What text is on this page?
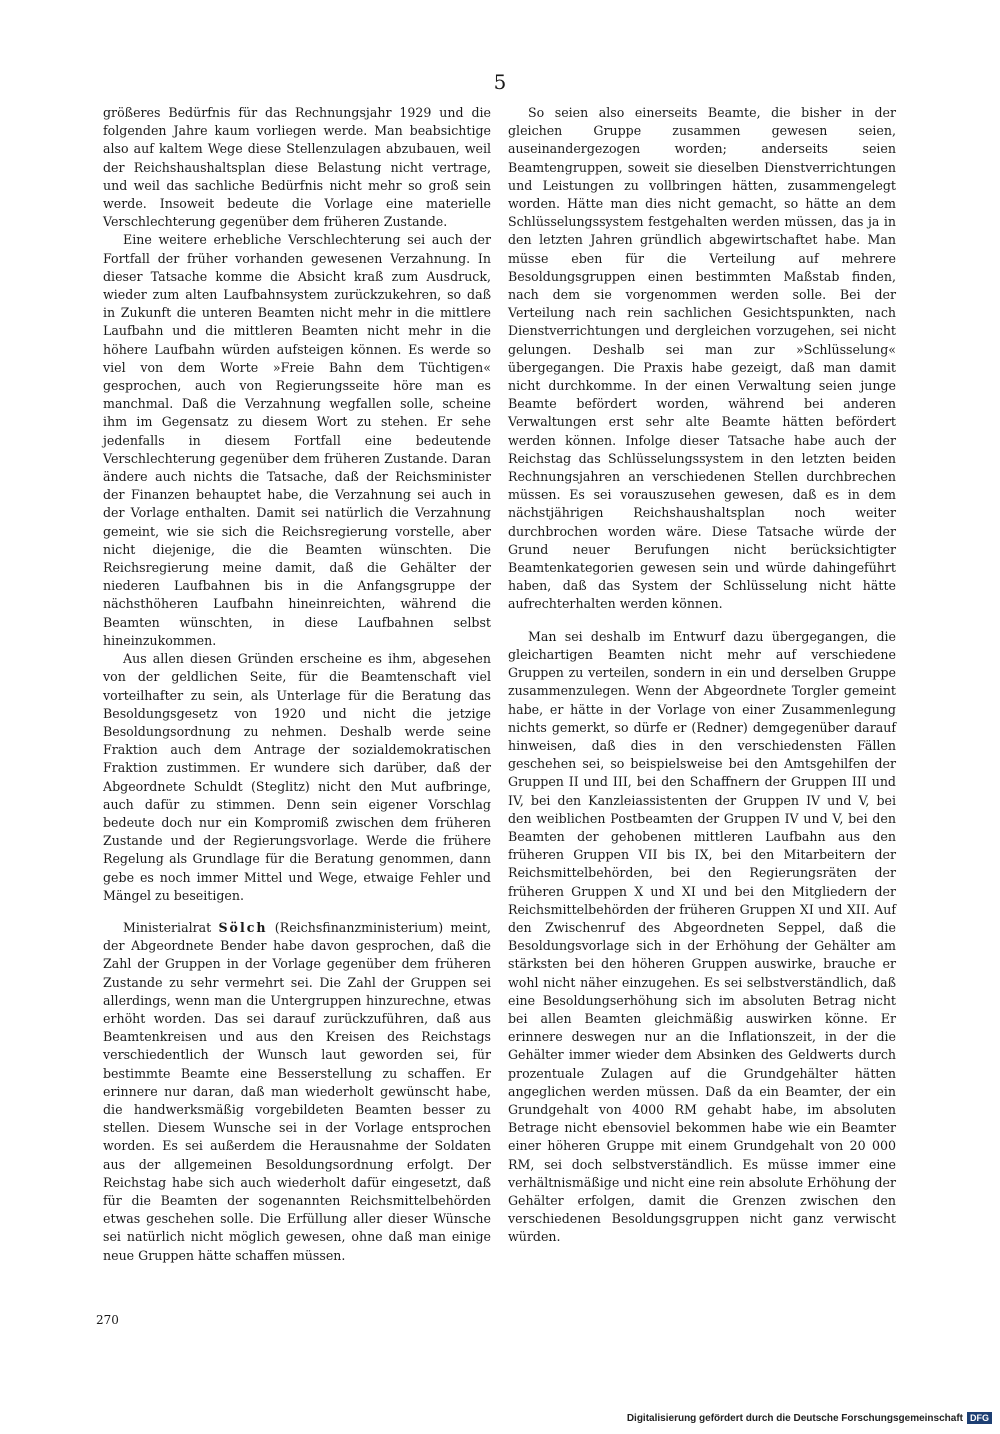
5

größeres Bedürfnis für das Rechnungsjahr 1929 und die folgenden Jahre kaum vorliegen werde. Man beabsichtige also auf kaltem Wege diese Stellenzulagen abzubauen, weil der Reichshaushaltsplan diese Belastung nicht vertrage, und weil das sachliche Bedürfnis nicht mehr so groß sein werde. Insoweit bedeute die Vorlage eine materielle Verschlechterung gegenüber dem früheren Zustande.

Eine weitere erhebliche Verschlechterung sei auch der Fortfall der früher vorhanden gewesenen Verzahnung. In dieser Tatsache komme die Absicht kraß zum Ausdruck, wieder zum alten Laufbahnsystem zurückzukehren, so daß in Zukunft die unteren Beamten nicht mehr in die mittlere Laufbahn und die mittleren Beamten nicht mehr in die höhere Laufbahn würden aufsteigen können. Es werde so viel von dem Worte »Freie Bahn dem Tüchtigen« gesprochen, auch von Regierungsseite höre man es manchmal. Daß die Verzahnung wegfallen solle, scheine ihm im Gegensatz zu diesem Wort zu stehen. Er sehe jedenfalls in diesem Fortfall eine bedeutende Verschlechterung gegenüber dem früheren Zustande. Daran ändere auch nichts die Tatsache, daß der Reichsminister der Finanzen behauptet habe, die Verzahnung sei auch in der Vorlage enthalten. Damit sei natürlich die Verzahnung gemeint, wie sie sich die Reichsregierung vorstelle, aber nicht diejenige, die die Beamten wünschten. Die Reichsregierung meine damit, daß die Gehälter der niederen Laufbahnen bis in die Anfangsgruppe der nächsthöheren Laufbahn hineinreichten, während die Beamten wünschten, in diese Laufbahnen selbst hineinzukommen.

Aus allen diesen Gründen erscheine es ihm, abgesehen von der geldlichen Seite, für die Beamtenschaft viel vorteilhafter zu sein, als Unterlage für die Beratung das Besoldungsgesetz von 1920 und nicht die jetzige Besoldungsordnung zu nehmen. Deshalb werde seine Fraktion auch dem Antrage der sozialdemokratischen Fraktion zustimmen. Er wundere sich darüber, daß der Abgeordnete Schuldt (Steglitz) nicht den Mut aufbringe, auch dafür zu stimmen. Denn sein eigener Vorschlag bedeute doch nur ein Kompromiß zwischen dem früheren Zustande und der Regierungsvorlage. Werde die frühere Regelung als Grundlage für die Beratung genommen, dann gebe es noch immer Mittel und Wege, etwaige Fehler und Mängel zu beseitigen.

Ministerialrat Sölch (Reichsfinanzministerium) meint, der Abgeordnete Bender habe davon gesprochen, daß die Zahl der Gruppen in der Vorlage gegenüber dem früheren Zustande zu sehr vermehrt sei. Die Zahl der Gruppen sei allerdings, wenn man die Untergruppen hinzurechne, etwas erhöht worden. Das sei darauf zurückzuführen, daß aus Beamtenkreisen und aus den Kreisen des Reichstags verschiedentlich der Wunsch laut geworden sei, für bestimmte Beamte eine Besserstellung zu schaffen. Er erinnere nur daran, daß man wiederholt gewünscht habe, die handwerksmäßig vorgebildeten Beamten besser zu stellen. Diesem Wunsche sei in der Vorlage entsprochen worden. Es sei außerdem die Herausnahme der Soldaten aus der allgemeinen Besoldungsordnung erfolgt. Der Reichstag habe sich auch wiederholt dafür eingesetzt, daß für die Beamten der sogenannten Reichsmittelbehörden etwas geschehen solle. Die Erfüllung aller dieser Wünsche sei natürlich nicht möglich gewesen, ohne daß man einige neue Gruppen hätte schaffen müssen.

So seien also einerseits Beamte, die bisher in der gleichen Gruppe zusammen gewesen seien, auseinandergezogen worden; anderseits seien Beamtengruppen, soweit sie dieselben Dienstverrichtungen und Leistungen zu vollbringen hätten, zusammengelegt worden. Hätte man dies nicht gemacht, so hätte an dem Schlüsselungssystem festgehalten werden müssen, das ja in den letzten Jahren gründlich abgewirtschaftet habe. Man müsse eben für die Verteilung auf mehrere Besoldungsgruppen einen bestimmten Maßstab finden, nach dem sie vorgenommen werden solle. Bei der Verteilung nach rein sachlichen Gesichtspunkten, nach Dienstverrichtungen und dergleichen vorzugehen, sei nicht gelungen. Deshalb sei man zur »Schlüsselung« übergegangen. Die Praxis habe gezeigt, daß man damit nicht durchkomme. In der einen Verwaltung seien junge Beamte befördert worden, während bei anderen Verwaltungen erst sehr alte Beamte hätten befördert werden können. Infolge dieser Tatsache habe auch der Reichstag das Schlüsselungssystem in den letzten beiden Rechnungsjahren an verschiedenen Stellen durchbrechen müssen. Es sei vorauszusehen gewesen, daß es in dem nächstjährigen Reichshaushaltsplan noch weiter durchbrochen worden wäre. Diese Tatsache würde der Grund neuer Berufungen nicht berücksichtigter Beamtenkategorien gewesen sein und würde dahingeführt haben, daß das System der Schlüsselung nicht hätte aufrechterhalten werden können.

Man sei deshalb im Entwurf dazu übergegangen, die gleichartigen Beamten nicht mehr auf verschiedene Gruppen zu verteilen, sondern in ein und derselben Gruppe zusammenzulegen. Wenn der Abgeordnete Torgler gemeint habe, er hätte in der Vorlage von einer Zusammenlegung nichts gemerkt, so dürfe er (Redner) demgegenüber darauf hinweisen, daß dies in den verschiedensten Fällen geschehen sei, so beispielsweise bei den Amtsgehilfen der Gruppen II und III, bei den Schaffnern der Gruppen III und IV, bei den Kanzleiassistenten der Gruppen IV und V, bei den weiblichen Postbeamten der Gruppen IV und V, bei den Beamten der gehobenen mittleren Laufbahn aus den früheren Gruppen VII bis IX, bei den Mitarbeitern der Reichsmittelbehörden, bei den Regierungsräten der früheren Gruppen X und XI und bei den Mitgliedern der Reichsmittelbehörden der früheren Gruppen XI und XII. Auf den Zwischenruf des Abgeordneten Seppel, daß die Besoldungsvorlage sich in der Erhöhung der Gehälter am stärksten bei den höheren Gruppen auswirke, brauche er wohl nicht näher einzugehen. Es sei selbstverständlich, daß eine Besoldungserhöhung sich im absoluten Betrag nicht bei allen Beamten gleichmäßig auswirken könne. Er erinnere deswegen nur an die Inflationszeit, in der die Gehälter immer wieder dem Absinken des Geldwerts durch prozentuale Zulagen auf die Grundgehälter hätten angeglichen werden müssen. Daß da ein Beamter, der ein Grundgehalt von 4000 RM gehabt habe, im absoluten Betrage nicht ebensoviel bekommen habe wie ein Beamter einer höheren Gruppe mit einem Grundgehalt von 20 000 RM, sei doch selbstverständlich. Es müsse immer eine verhältnismäßige und nicht eine rein absolute Erhöhung der Gehälter erfolgen, damit die Grenzen zwischen den verschiedenen Besoldungsgruppen nicht ganz verwischt würden.

270
Digitalisierung gefördert durch die Deutsche Forschungsgemeinschaft DFG
